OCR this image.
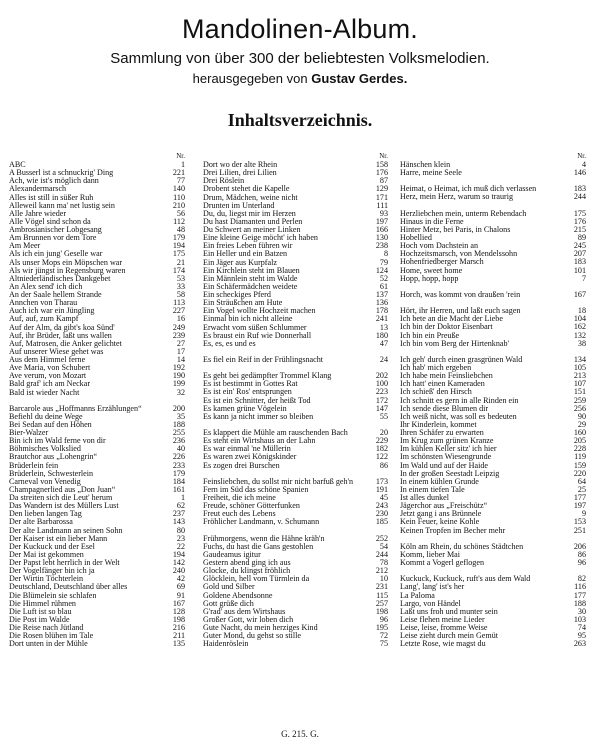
Mandolinen-Album.
Sammlung von über 300 der beliebtesten Volksmelodien.
herausgegeben von Gustav Gerdes.
Inhaltsverzeichnis.
Nr.
ABC	1
A Busserl ist a schnuckrig' Ding	221
Ach, wie ist's möglich dann	77
Alexandermarsch	140
Alles ist still in süßer Ruh	110
Alleweil kann ma' net lustig sein	210
Alle Jahre wieder	56
Alle Vögel sind schon da	112
Ambrosianischer Lobgesang	48
Am Brunnen vor dem Tore	179
Am Meer	194
Als ich ein jung' Geselle war	175
Als unser Mops ein Möpschen war	21
Als wir jüngst in Regensburg waren	174
Altniederländisches Dankgebet	53
An Alex send' ich dich	33
An der Saale hellem Strande	58
Ännchen von Tharau	113
Auch ich war ein Jüngling	227
Auf, auf, zum Kampf	16
Auf der Alm, da gibt's koa Sünd'	249
Auf, ihr Brüder, laßt uns wallen	239
Auf, Matrosen, die Anker gelichtet	27
Auf unserer Wiese gehet was	17
Aus dem Himmel ferne	14
Ave Maria, von Schubert	192
Ave verum, von Mozart	190
Bald graf' ich am Neckar	199
Bald ist wieder Nacht	32
Barcarole aus „Hoffmanns Erzählungen“	200
Befiehl du deine Wege	35
Bei Sedan auf den Höhen	188
Bier-Walzer	255
Bin ich im Wald ferne von dir	236
Böhmisches Volkslied	40
Brautchor aus „Lohengrin“	226
Brüderlein fein	233
Brüderlein, Schwesterlein	179
Carneval von Venedig	184
Champagnerlied aus „Don Juan“	161
Da streiten sich die Leut' herum	1
Das Wandern ist des Müllers Lust	62
Den lieben langen Tag	237
Der alte Barbarossa	143
Der alte Landmann an seinen Sohn	80
Der Kaiser ist ein lieber Mann	23
Der Kuckuck und der Esel	22
Der Mai ist gekommen	194
Der Papst lebt herrlich in der Welt	142
Der Vogelfänger bin ich ja	240
Der Wirtin Töchterlein	42
Deutschland, Deutschland über alles	69
Die Blümelein sie schlafen	91
Die Himmel rühmen	167
Die Luft ist so blau	128
Die Post im Walde	198
Die Reise nach Jütland	216
Die Rosen blühen im Tale	211
Dort unten in der Mühle	135
Nr.
Dort wo der alte Rhein	158
Drei Lilien, drei Lilien	176
Drei Röslein	87
Drobent stehet die Kapelle	129
Drum, Mädchen, weine nicht	171
Drunten im Unterland	111
Du, du, liegst mir im Herzen	93
Du hast Diamanten und Perlen	197
Du Schwert an meiner Linken	166
Eine kleine Geige möcht' ich haben	130
Ein freies Leben führen wir	238
Ein Heller und ein Batzen	8
Ein Jäger aus Kurpfalz	79
Ein Kirchlein steht im Blauen	124
Ein Männlein steht im Walde	52
Ein Schäfermädchen weidete	61
Ein scheckiges Pferd	137
Ein Sträußchen am Hute	136
Ein Vogel wollte Hochzeit machen	178
Einmal bin ich nicht alleine	241
Erwacht vom süßen Schlummer	13
Es braust ein Ruf wie Donnerhall	180
Es, es, es und es	47
Es fiel ein Reif in der Frühlingsnacht	24
Es geht bei gedämpfter Trommel Klang	202
Es ist bestimmt in Gottes Rat	100
Es ist ein' Ros' entsprungen	223
Es ist ein Schnitter, der heißt Tod	172
Es kamen grüne Vögelein	147
Es kann ja nicht immer so bleiben	55
Es klappert die Mühle am rauschenden Bach	20
Es steht ein Wirtshaus an der Lahn	229
Es war einmal 'ne Müllerin	182
Es waren zwei Königskinder	122
Es zogen drei Burschen	86
Feinsliebchen, du sollst mir nicht barfuß geh'n	173
Fern im Süd das schöne Spanien	191
Freiheit, die ich meine	45
Freude, schöner Götterfunken	243
Freut euch des Lebens	230
Fröhlicher Landmann, v. Schumann	185
Frühmorgens, wenn die Hähne kräh'n	252
Fuchs, du hast die Gans gestohlen	54
Gaudeamus igitur	244
Gestern abend ging ich aus	78
Glocke, du klingst fröhlich	212
Glöcklein, hell vom Türmlein da	10
Gold und Silber	231
Goldene Abendsonne	115
Gott grüße dich	257
G'rad' aus dem Wirtshaus	198
Großer Gott, wir loben dich	96
Gute Nacht, du mein herziges Kind	195
Guter Mond, du gehst so stille	72
Haidenröslein	75
Nr.
Hänschen klein	4
Harre, meine Seele	146
Heimat, o Heimat, ich muß dich verlassen	183
Herz, mein Herz, warum so traurig	244
Herzliebchen mein, unterm Rebendach	175
Hinaus in die Ferne	176
Hinter Metz, bei Paris, in Chalons	215
Hobellied	89
Hoch vom Dachstein an	245
Hochzeitsmarsch, von Mendelssohn	207
Hohenfriedberger Marsch	183
Home, sweet home	101
Hopp, hopp, hopp	7
Horch, was kommt von draußen 'rein	167
Hört, ihr Herren, und laßt euch sagen	18
Ich bete an die Macht der Liebe	104
Ich bin der Doktor Eisenbart	162
Ich bin ein Preuße	132
Ich bin vom Berg der Hirtenknab'	38
Ich geh' durch einen grasgrünen Wald	134
Ich hab' mich ergeben	105
Ich habe mein Feinsliebchen	213
Ich hatt' einen Kameraden	107
Ich schieß' den Hirsch	151
Ich schnitt es gern in alle Rinden ein	259
Ich sende diese Blumen dir	256
Ich weiß nicht, was soll es bedeuten	90
Ihr Kinderlein, kommet	29
Ihren Schäfer zu erwarten	160
Im Krug zum grünen Kranze	205
Im kühlen Keller sitz' ich hier	228
Im schönsten Wiesengrunde	119
Im Wald und auf der Haide	159
In der großen Seestadt Leipzig	220
In einem kühlen Grunde	64
In einem tiefen Tale	25
Ist alles dunkel	177
Jägerchor aus „Freischütz“	197
Jetzt gang i ans Brünnele	9
Kein Feuer, keine Kohle	153
Keinen Tropfen im Becher mehr	251
Köln am Rhein, du schönes Städtchen	206
Komm, lieber Mai	86
Kommt a Vogerl geflogen	96
Kuckuck, Kuckuck, ruft's aus dem Wald	82
Lang', lang' ist's her	116
La Paloma	177
Largo, von Händel	188
Laßt uns froh und munter sein	30
Leise flehen meine Lieder	103
Leise, leise, fromme Weise	74
Leise zieht durch mein Gemüt	95
Letzte Rose, wie magst du	263
G. 215. G.
